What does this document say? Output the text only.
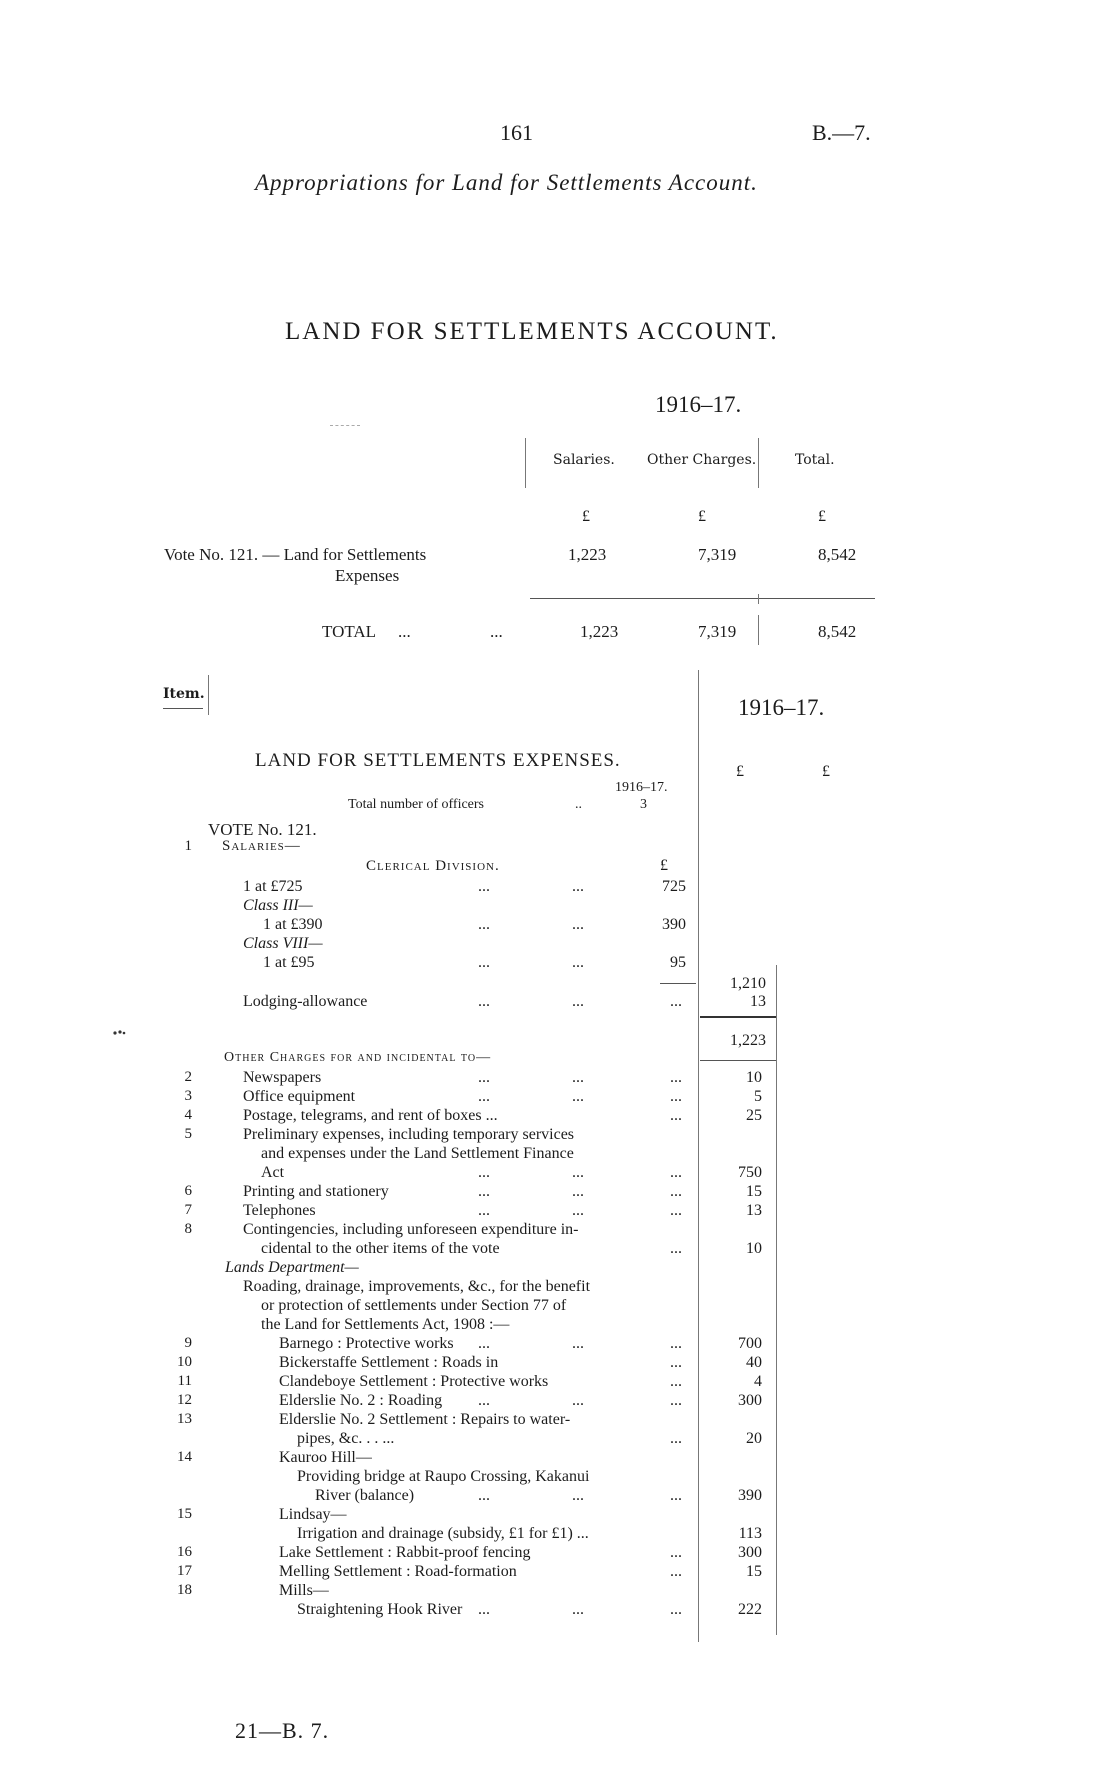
161	B.—7.
Appropriations for Land for Settlements Account.
LAND FOR SETTLEMENTS ACCOUNT.
1916–17.
Salaries. Other Charges.	Total.
£	£	£
Vote No. 121. — Land for Settlements
Expenses
1,223	7,319	8,542
TOTAL ...	...	1,223	7,319	8,542
Item.
1916–17.
LAND FOR SETTLEMENTS EXPENSES.
£	£
1916–17.
Total number of officers	..	3
VOTE No. 121.
1 Salaries—
Clerical Division.	£
1 at £725	...	...	725
Class III—
1 at £390	...	...	390
Class VIII—
1 at £95	...	...	95
1,210
Lodging-allowance	...	...	...	13
1,223
Other Charges for and incidental to—
2	Newspapers	...	...	...	10
3	Office equipment	...	...	...	5
4	Postage, telegrams, and rent of boxes ...	...	25
5	Preliminary expenses, including temporary services
and expenses under the Land Settlement Finance
Act	...	...	...	750
6	Printing and stationery	...	...	...	15
7	Telephones	...	...	...	13
8	Contingencies, including unforeseen expenditure in-
cidental to the other items of the vote	...	10
Lands Department—
Roading, drainage, improvements, &c., for the benefit
or protection of settlements under Section 77 of
the Land for Settlements Act, 1908 :—
9	Barnego : Protective works ...	...	...	700
10	Bickerstaffe Settlement : Roads in	...	40
11	Clandeboye Settlement : Protective works	...	4
12	Elderslie No. 2 : Roading ...	...	...	300
13	Elderslie No. 2 Settlement : Repairs to water-
pipes, &c. . . ...	...	20
14	Kauroo Hill—
Providing bridge at Raupo Crossing, Kakanui
River (balance)	...	...	...	390
15	Lindsay—
Irrigation and drainage (subsidy, £1 for £1) ...	113
16	Lake Settlement : Rabbit-proof fencing	...	300
17	Melling Settlement : Road-formation	...	15
18	Mills—
Straightening Hook River ...	...	...	222
21—B. 7.
